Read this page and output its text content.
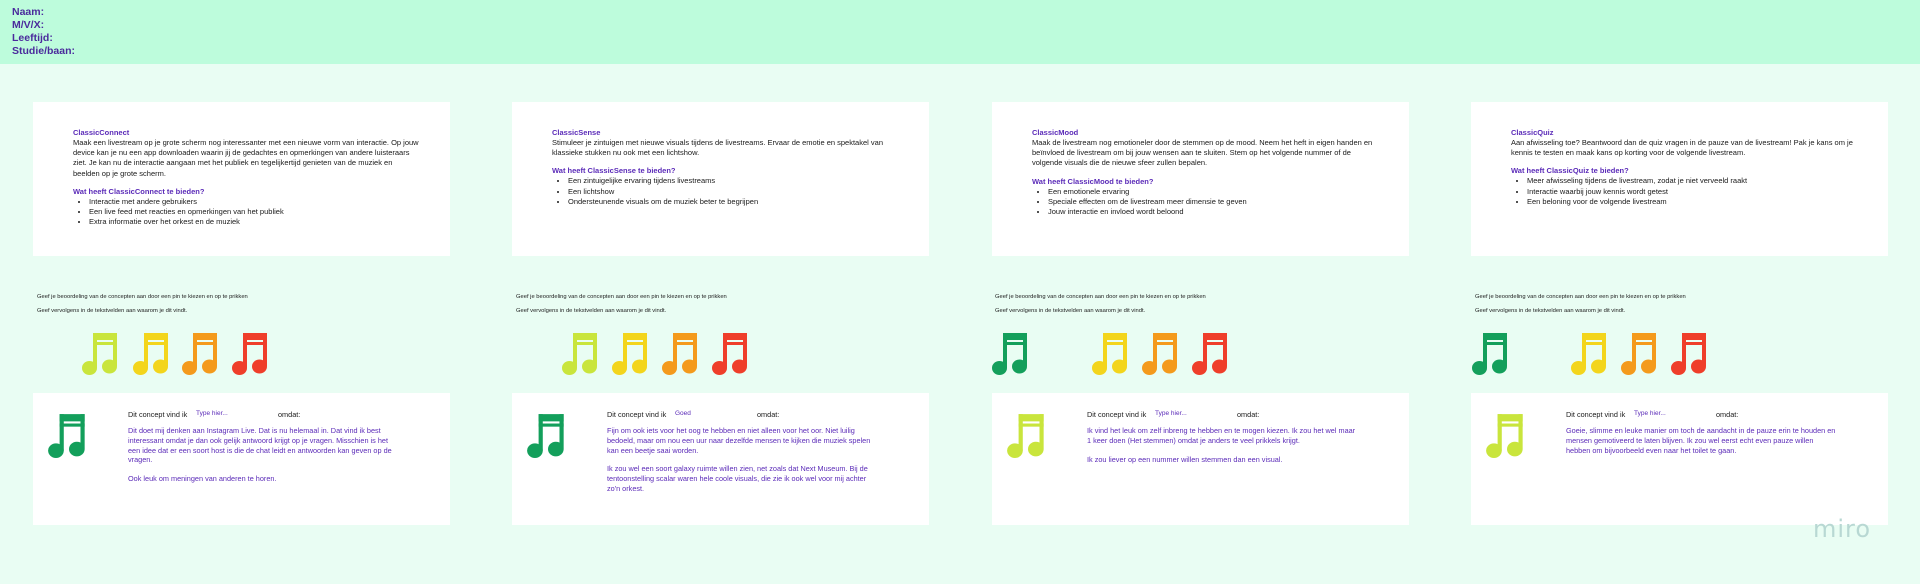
Naam:
M/V/X:
Leeftijd:
Studie/baan:
ClassicConnect

Maak een livestream op je grote scherm nog interessanter met een nieuwe vorm van interactie. Op jouw device kan je nu een app downloaden waarin jij de gedachtes en opmerkingen van andere luisteraars ziet. Je kan nu de interactie aangaan met het publiek en tegelijkertijd genieten van de muziek en beelden op je grote scherm.

Wat heeft ClassicConnect te bieden?
• Interactie met andere gebruikers
• Een live feed met reacties en opmerkingen van het publiek
• Extra informatie over het orkest en de muziek
Geef je beoordeling van de concepten aan door een pin te kiezen en op te prikken
Geef vervolgens in de tekstvelden aan waarom je dit vindt.
Dit concept vind ik Type hier...	omdat:

Dit doet mij denken aan Instagram Live. Dat is nu helemaal in. Dat vind ik best interessant omdat je dan ook gelijk antwoord krijgt op je vragen. Misschien is het een idee dat er een soort host is die de chat leidt en antwoorden kan geven op de vragen.

Ook leuk om meningen van anderen te horen.

ClassicSense

Stimuleer je zintuigen met nieuwe visuals tijdens de livestreams. Ervaar de emotie en spektakel van klassieke stukken nu ook met een lichtshow.

Wat heeft ClassicSense te bieden?
• Een zintuigelijke ervaring tijdens livestreams
• Een lichtshow
• Ondersteunende visuals om de muziek beter te begrijpen
Geef je beoordeling van de concepten aan door een pin te kiezen en op te prikken
Geef vervolgens in de tekstvelden aan waarom je dit vindt.
Dit concept vind ik Goed	omdat:

Fijn om ook iets voor het oog te hebben en niet alleen voor het oor. Niet luilig bedoeld, maar om nou een uur naar dezelfde mensen te kijken die muziek spelen kan een beetje saai worden.

Ik zou wel een soort galaxy ruimte willen zien, net zoals dat Next Museum. Bij de tentoonstelling scalar waren hele coole visuals, die zie ik ook wel voor mij achter zo'n orkest.

ClassicMood

Maak de livestream nog emotioneler door de stemmen op de mood. Neem het heft in eigen handen en beïnvloed de livestream om bij jouw wensen aan te sluiten. Stem op het volgende nummer of de volgende visuals die de nieuwe sfeer zullen bepalen.

Wat heeft ClassicMood te bieden?
• Een emotionele ervaring
• Speciale effecten om de livestream meer dimensie te geven
• Jouw interactie en invloed wordt beloond
Geef je beoordeling van de concepten aan door een pin te kiezen en op te prikken
Geef vervolgens in de tekstvelden aan waarom je dit vindt.
Dit concept vind ik Type hier...	omdat:

Ik vind het leuk om zelf inbreng te hebben en te mogen kiezen. Ik zou het wel maar 1 keer doen (Het stemmen) omdat je anders te veel prikkels krijgt.

Ik zou liever op een nummer willen stemmen dan een visual.

ClassicQuiz

Aan afwisseling toe? Beantwoord dan de quiz vragen in de pauze van de livestream! Pak je kans om je kennis te testen en maak kans op korting voor de volgende livestream.

Wat heeft ClassicQuiz te bieden?
• Meer afwisseling tijdens de livestream, zodat je niet verveeld raakt
• Interactie waarbij jouw kennis wordt getest
• Een beloning voor de volgende livestream
Geef je beoordeling van de concepten aan door een pin te kiezen en op te prikken
Geef vervolgens in de tekstvelden aan waarom je dit vindt.
Dit concept vind ik Type hier...	omdat:

Goeie, slimme en leuke manier om toch de aandacht in de pauze erin te houden en mensen gemotiveerd te laten blijven. Ik zou wel eerst echt even pauze willen hebben om bijvoorbeeld even naar het toilet te gaan.

miro
